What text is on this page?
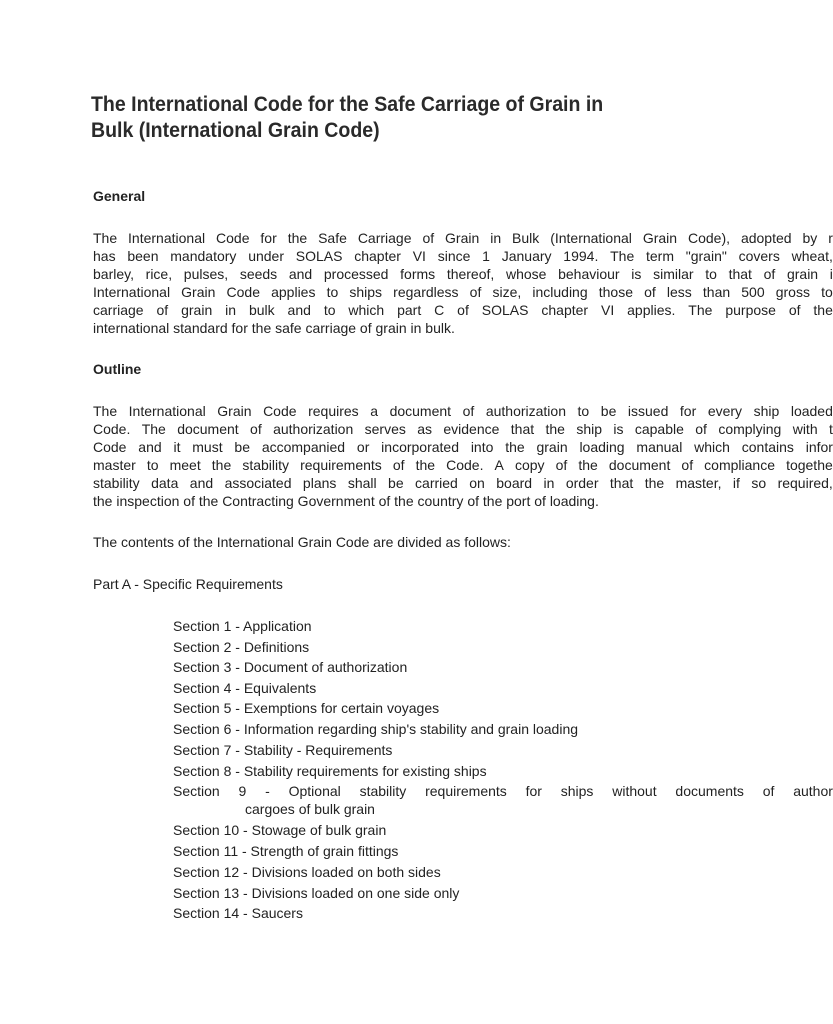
The International Code for the Safe Carriage of Grain in
Bulk (International Grain Code)
General
The International Code for the Safe Carriage of Grain in Bulk (International Grain Code), adopted by r
has been mandatory under SOLAS chapter VI since 1 January 1994. The term "grain" covers wheat,
barley, rice, pulses, seeds and processed forms thereof, whose behaviour is similar to that of grain i
International Grain Code applies to ships regardless of size, including those of less than 500 gross to
carriage of grain in bulk and to which part C of SOLAS chapter VI applies. The purpose of the
international standard for the safe carriage of grain in bulk.
Outline
The International Grain Code requires a document of authorization to be issued for every ship loaded
Code. The document of authorization serves as evidence that the ship is capable of complying with t
Code and it must be accompanied or incorporated into the grain loading manual which contains infor
master to meet the stability requirements of the Code. A copy of the document of compliance togethe
stability data and associated plans shall be carried on board in order that the master, if so required,
the inspection of the Contracting Government of the country of the port of loading.
The contents of the International Grain Code are divided as follows:
Part A - Specific Requirements
Section 1 - Application
Section 2 - Definitions
Section 3 - Document of authorization
Section 4 - Equivalents
Section 5 - Exemptions for certain voyages
Section 6 - Information regarding ship's stability and grain loading
Section 7 - Stability - Requirements
Section 8 - Stability requirements for existing ships
Section 9 - Optional stability requirements for ships without documents of author
cargoes of bulk grain
Section 10 - Stowage of bulk grain
Section 11 - Strength of grain fittings
Section 12 - Divisions loaded on both sides
Section 13 - Divisions loaded on one side only
Section 14 - Saucers
